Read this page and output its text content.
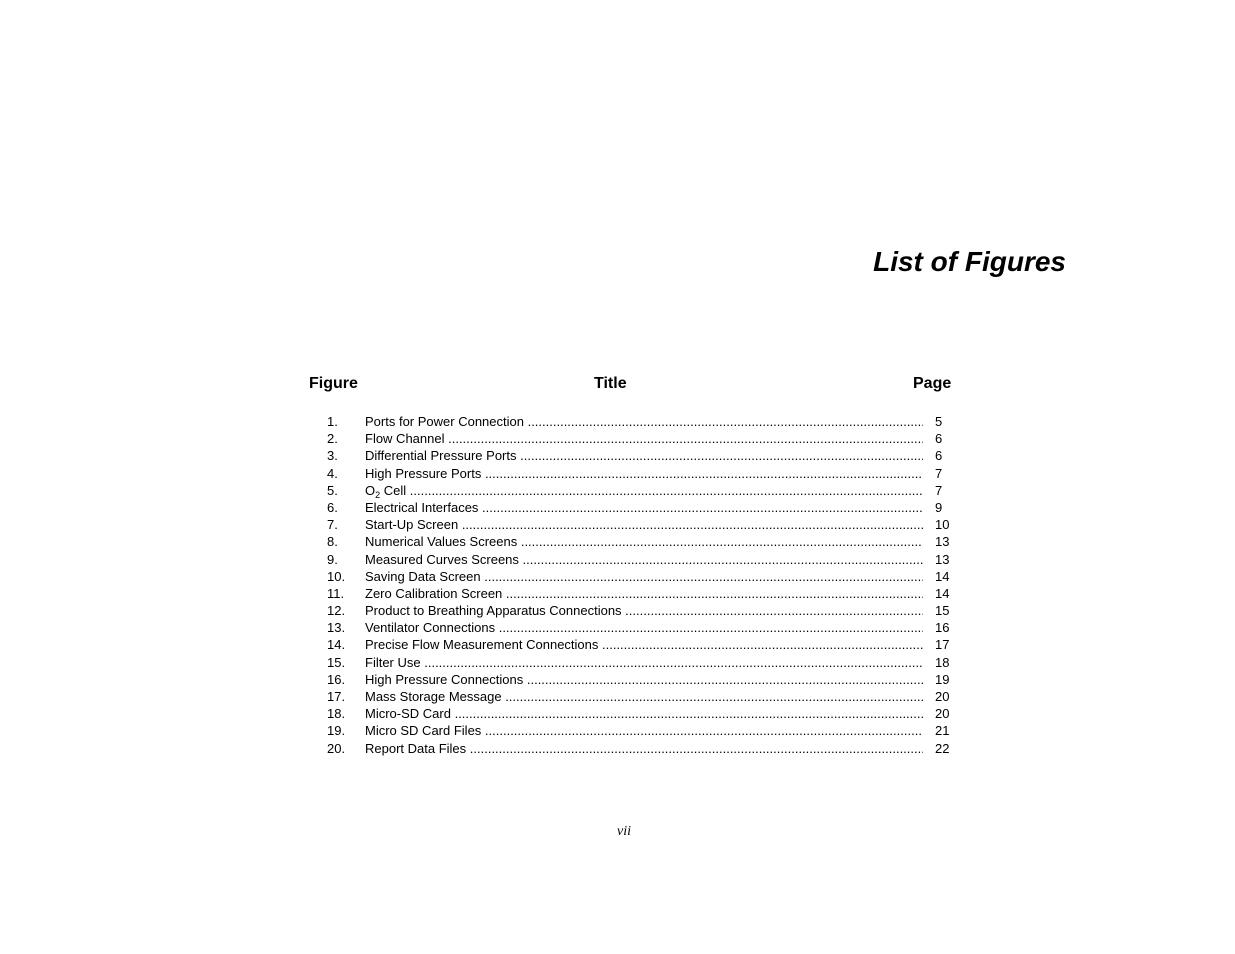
List of Figures
Figure	Title	Page
1. Ports for Power Connection .....	5
2. Flow Channel .....	6
3. Differential Pressure Ports .....	6
4. High Pressure Ports .....	7
5. $O_2$ Cell .....	7
6. Electrical Interfaces .....	9
7. Start-Up Screen .....	10
8. Numerical Values Screens .....	13
9. Measured Curves Screens .....	13
10. Saving Data Screen .....	14
11. Zero Calibration Screen .....	14
12. Product to Breathing Apparatus Connections .....	15
13. Ventilator Connections .....	16
14. Precise Flow Measurement Connections .....	17
15. Filter Use .....	18
16. High Pressure Connections .....	19
17. Mass Storage Message .....	20
18. Micro-SD Card .....	20
19. Micro SD Card Files .....	21
20. Report Data Files .....	22
vii
